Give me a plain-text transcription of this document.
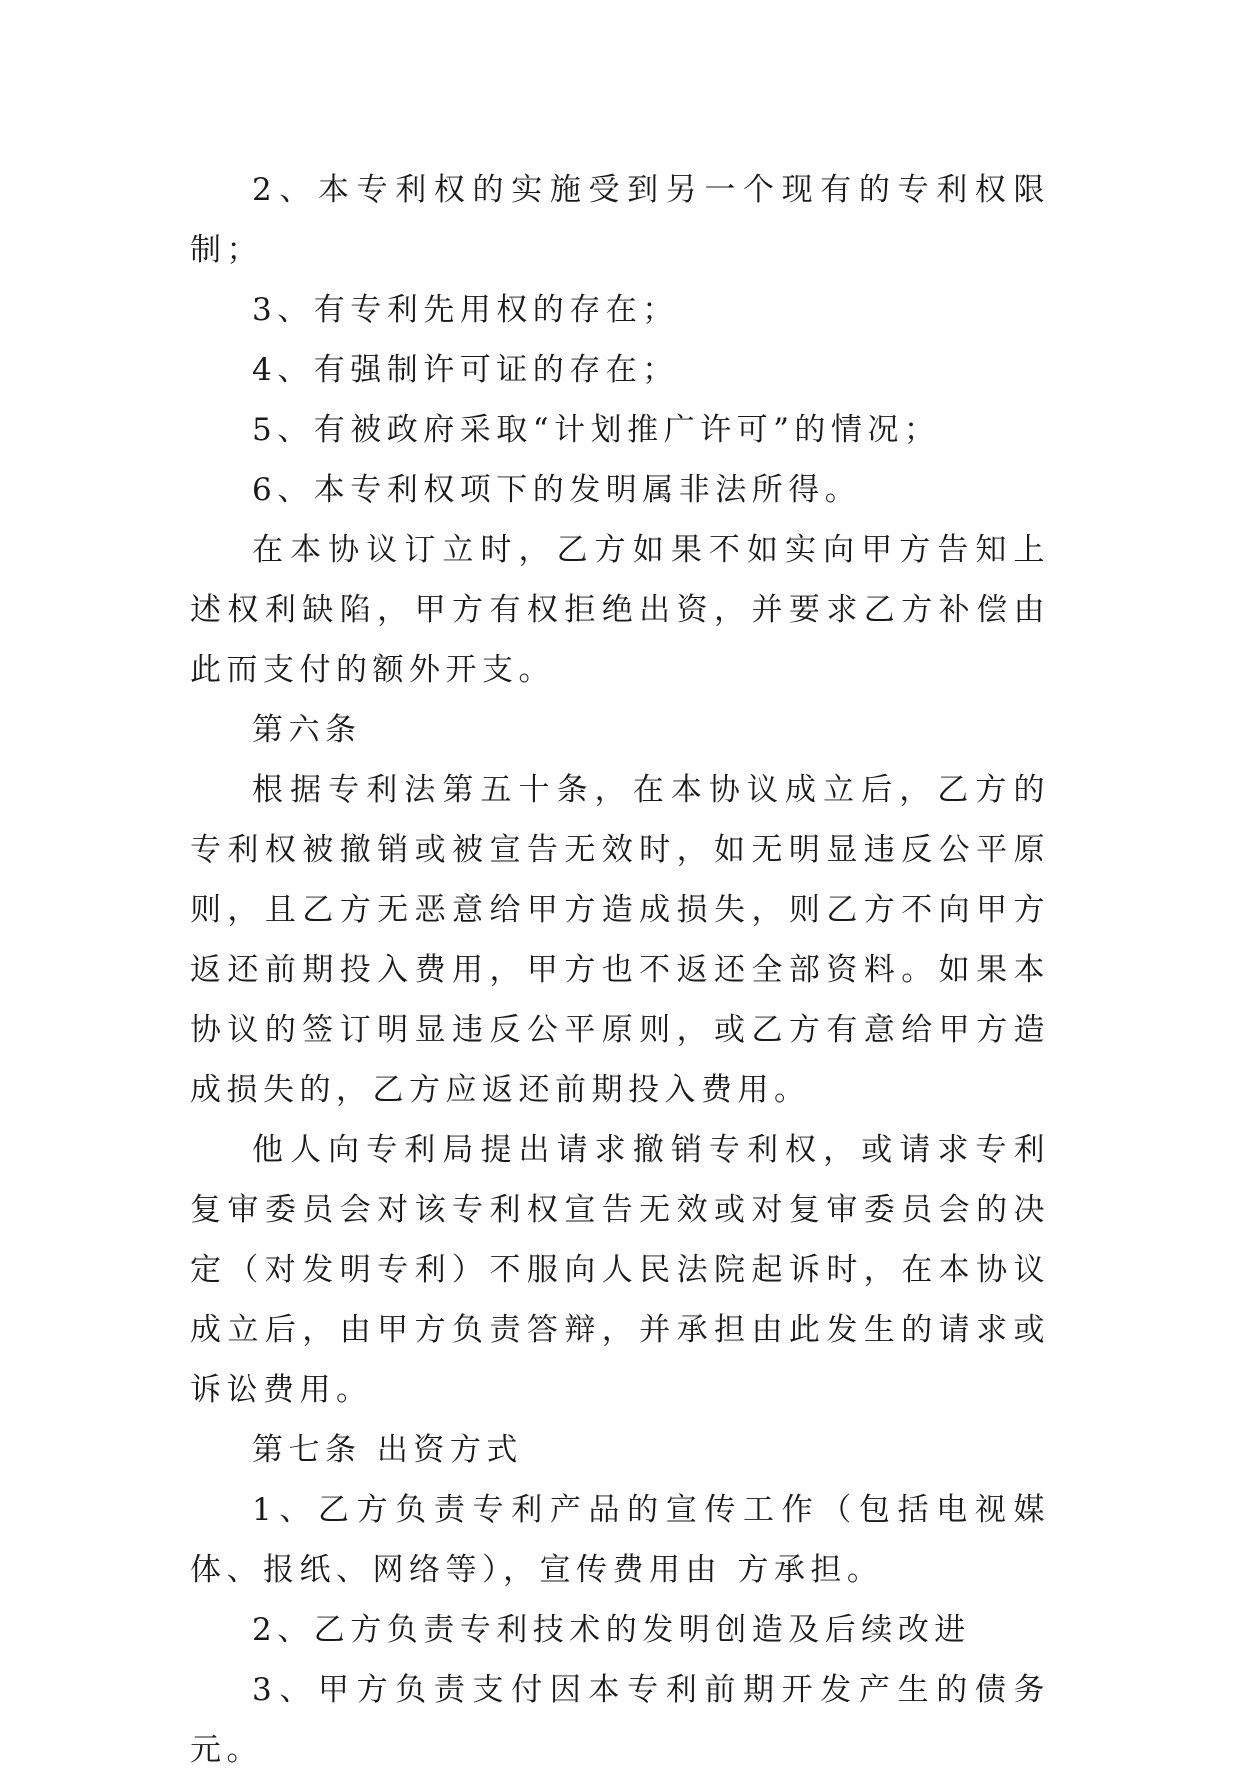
2、本专利权的实施受到另一个现有的专利权限制；

3、有专利先用权的存在；

4、有强制许可证的存在；

5、有被政府采取“计划推广许可”的情况；

6、本专利权项下的发明属非法所得。

在本协议订立时，乙方如果不如实向甲方告知上述权利缺陷，甲方有权拒绝出资，并要求乙方补偿由此而支付的额外开支。

第六条

根据专利法第五十条，在本协议成立后，乙方的专利权被撤销或被宣告无效时，如无明显违反公平原则，且乙方无恶意给甲方造成损失，则乙方不向甲方返还前期投入费用，甲方也不返还全部资料。如果本协议的签订明显违反公平原则，或乙方有意给甲方造成损失的，乙方应返还前期投入费用。

他人向专利局提出请求撤销专利权，或请求专利复审委员会对该专利权宣告无效或对复审委员会的决定（对发明专利）不服向人民法院起诉时，在本协议成立后，由甲方负责答辩，并承担由此发生的请求或诉讼费用。

第七条 出资方式

1、乙方负责专利产品的宣传工作（包括电视媒体、报纸、网络等），宣传费用由 方承担。

2、乙方负责专利技术的发明创造及后续改进

3、甲方负责支付因本专利前期开发产生的债务 元。
